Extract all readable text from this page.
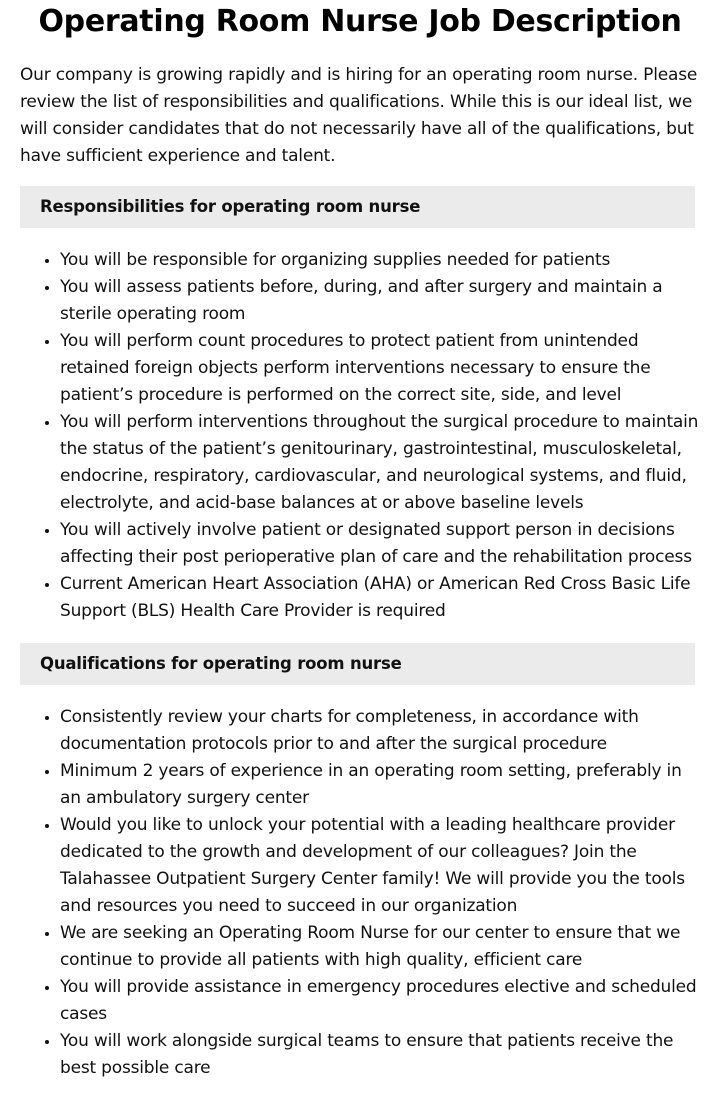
Operating Room Nurse Job Description

Our company is growing rapidly and is hiring for an operating room nurse. Please review the list of responsibilities and qualifications. While this is our ideal list, we will consider candidates that do not necessarily have all of the qualifications, but have sufficient experience and talent.

Responsibilities for operating room nurse
• You will be responsible for organizing supplies needed for patients
• You will assess patients before, during, and after surgery and maintain a sterile operating room
• You will perform count procedures to protect patient from unintended retained foreign objects perform interventions necessary to ensure the patient’s procedure is performed on the correct site, side, and level
• You will perform interventions throughout the surgical procedure to maintain the status of the patient’s genitourinary, gastrointestinal, musculoskeletal, endocrine, respiratory, cardiovascular, and neurological systems, and fluid, electrolyte, and acid-base balances at or above baseline levels
• You will actively involve patient or designated support person in decisions affecting their post perioperative plan of care and the rehabilitation process
• Current American Heart Association (AHA) or American Red Cross Basic Life Support (BLS) Health Care Provider is required
Qualifications for operating room nurse
• Consistently review your charts for completeness, in accordance with documentation protocols prior to and after the surgical procedure
• Minimum 2 years of experience in an operating room setting, preferably in an ambulatory surgery center
• Would you like to unlock your potential with a leading healthcare provider dedicated to the growth and development of our colleagues? Join the Talahassee Outpatient Surgery Center family! We will provide you the tools and resources you need to succeed in our organization
• We are seeking an Operating Room Nurse for our center to ensure that we continue to provide all patients with high quality, efficient care
• You will provide assistance in emergency procedures elective and scheduled cases
• You will work alongside surgical teams to ensure that patients receive the best possible care
